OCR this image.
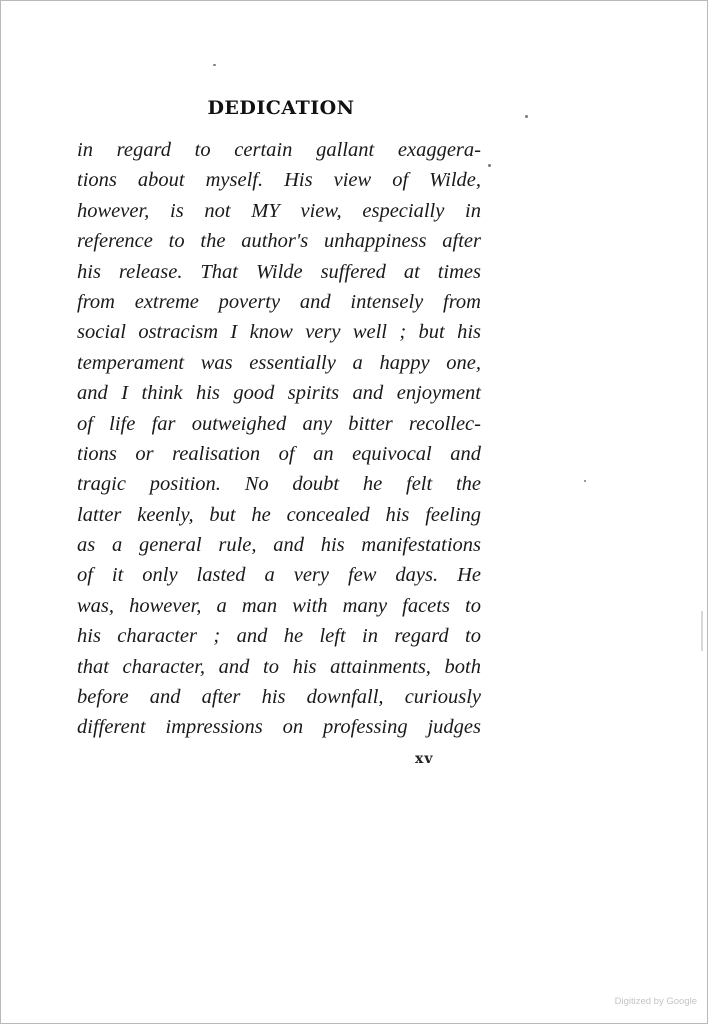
DEDICATION
in regard to certain gallant exaggera-
tions about myself. His view of Wilde,
however, is not MY view, especially in
reference to the author's unhappiness after
his release. That Wilde suffered at times
from extreme poverty and intensely from
social ostracism I know very well ; but his
temperament was essentially a happy one,
and I think his good spirits and enjoyment
of life far outweighed any bitter recollec-
tions or realisation of an equivocal and
tragic position. No doubt he felt the
latter keenly, but he concealed his feeling
as a general rule, and his manifestations
of it only lasted a very few days. He
was, however, a man with many facets to
his character ; and he left in regard to
that character, and to his attainments, both
before and after his downfall, curiously
different impressions on professing judges
xv
Digitized by Google
